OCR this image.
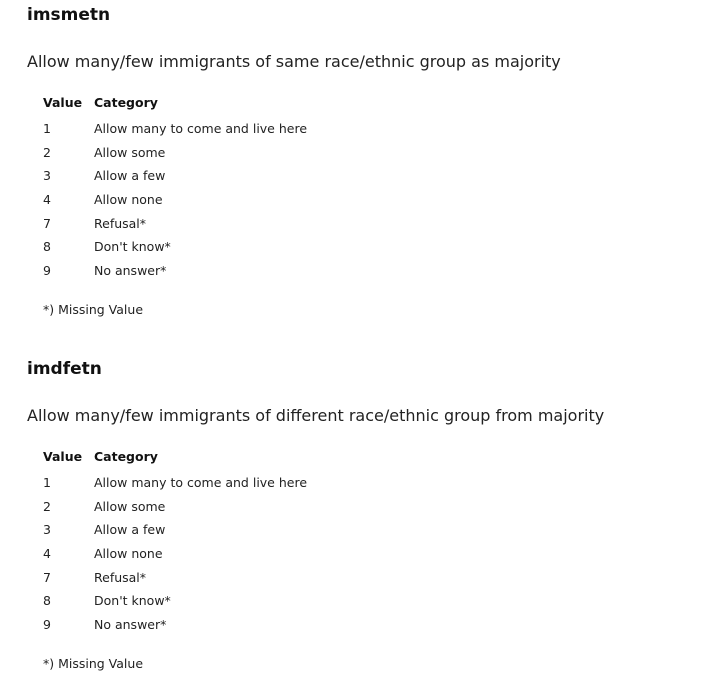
imsmetn

Allow many/few immigrants of same race/ethnic group as majority

Value	Category
1	Allow many to come and live here
2	Allow some
3	Allow a few
4	Allow none
7	Refusal*
8	Don't know*
9	No answer*

*) Missing Value

imdfetn

Allow many/few immigrants of different race/ethnic group from majority

Value	Category
1	Allow many to come and live here
2	Allow some
3	Allow a few
4	Allow none
7	Refusal*
8	Don't know*
9	No answer*

*) Missing Value
